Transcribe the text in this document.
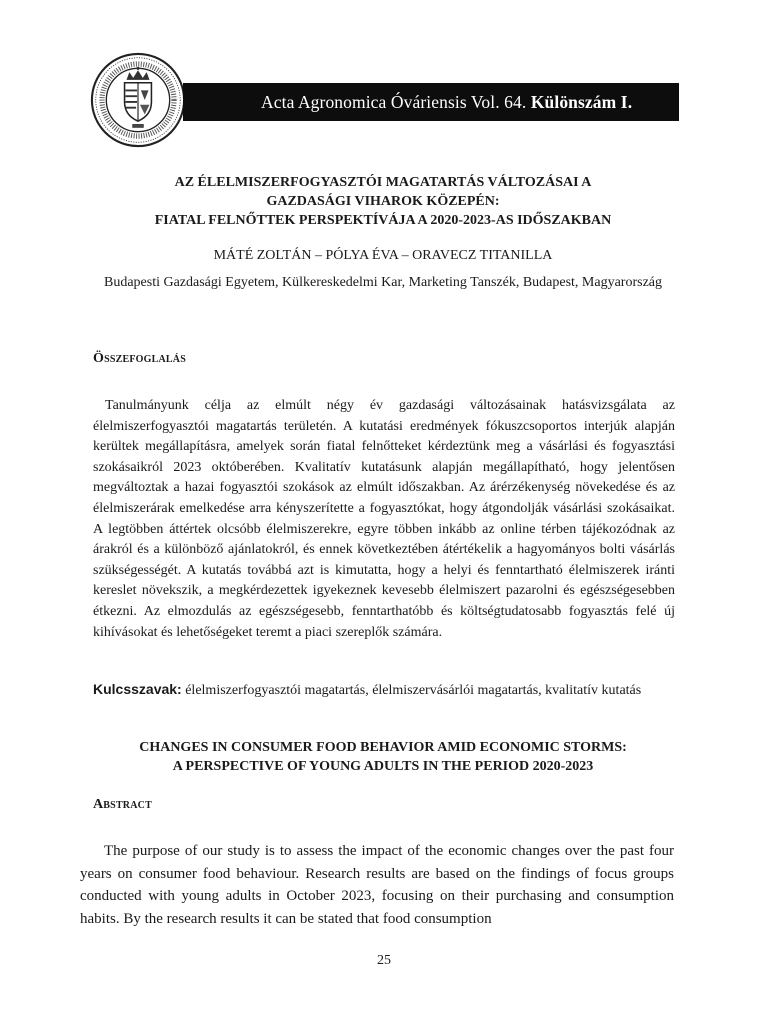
Acta Agronomica Óváriensis Vol. 64. Különszám I.
AZ ÉLELMISZERFOGYASZTÓI MAGATARTÁS VÁLTOZÁSAI A
GAZDASÁGI VIHAROK KÖZEPÉN:
FIATAL FELNŐTTEK PERSPEKTÍVÁJA A 2020-2023-AS IDŐSZAKBAN
MÁTÉ ZOLTÁN – PÓLYA ÉVA – ORAVECZ TITANILLA
Budapesti Gazdasági Egyetem, Külkereskedelmi Kar, Marketing Tanszék, Budapest, Magyarország
Összefoglalás
Tanulmányunk célja az elmúlt négy év gazdasági változásainak hatásvizsgálata az élelmiszerfogyasztói magatartás területén. A kutatási eredmények fókuszcsoportos interjúk alapján kerültek megállapításra, amelyek során fiatal felnőtteket kérdeztünk meg a vásárlási és fogyasztási szokásaikról 2023 októberében. Kvalitatív kutatásunk alapján megállapítható, hogy jelentősen megváltoztak a hazai fogyasztói szokások az elmúlt időszakban. Az árérzékenység növekedése és az élelmiszerárak emelkedése arra kényszerítette a fogyasztókat, hogy átgondolják vásárlási szokásaikat. A legtöbben áttértek olcsóbb élelmiszerekre, egyre többen inkább az online térben tájékozódnak az árakról és a különböző ajánlatokról, és ennek következtében átértékelik a hagyományos bolti vásárlás szükségességét. A kutatás továbbá azt is kimutatta, hogy a helyi és fenntartható élelmiszerek iránti kereslet növekszik, a megkérdezettek igyekeznek kevesebb élelmiszert pazarolni és egészségesebben étkezni. Az elmozdulás az egészségesebb, fenntarthatóbb és költségtudatosabb fogyasztás felé új kihívásokat és lehetőségeket teremt a piaci szereplők számára.
Kulcsszavak: élelmiszerfogyasztói magatartás, élelmiszervásárlói magatartás, kvalitatív kutatás
CHANGES IN CONSUMER FOOD BEHAVIOR AMID ECONOMIC STORMS:
A PERSPECTIVE OF YOUNG ADULTS IN THE PERIOD 2020-2023
Abstract
The purpose of our study is to assess the impact of the economic changes over the past four years on consumer food behaviour. Research results are based on the findings of focus groups conducted with young adults in October 2023, focusing on their purchasing and consumption habits. By the research results it can be stated that food consumption
25
